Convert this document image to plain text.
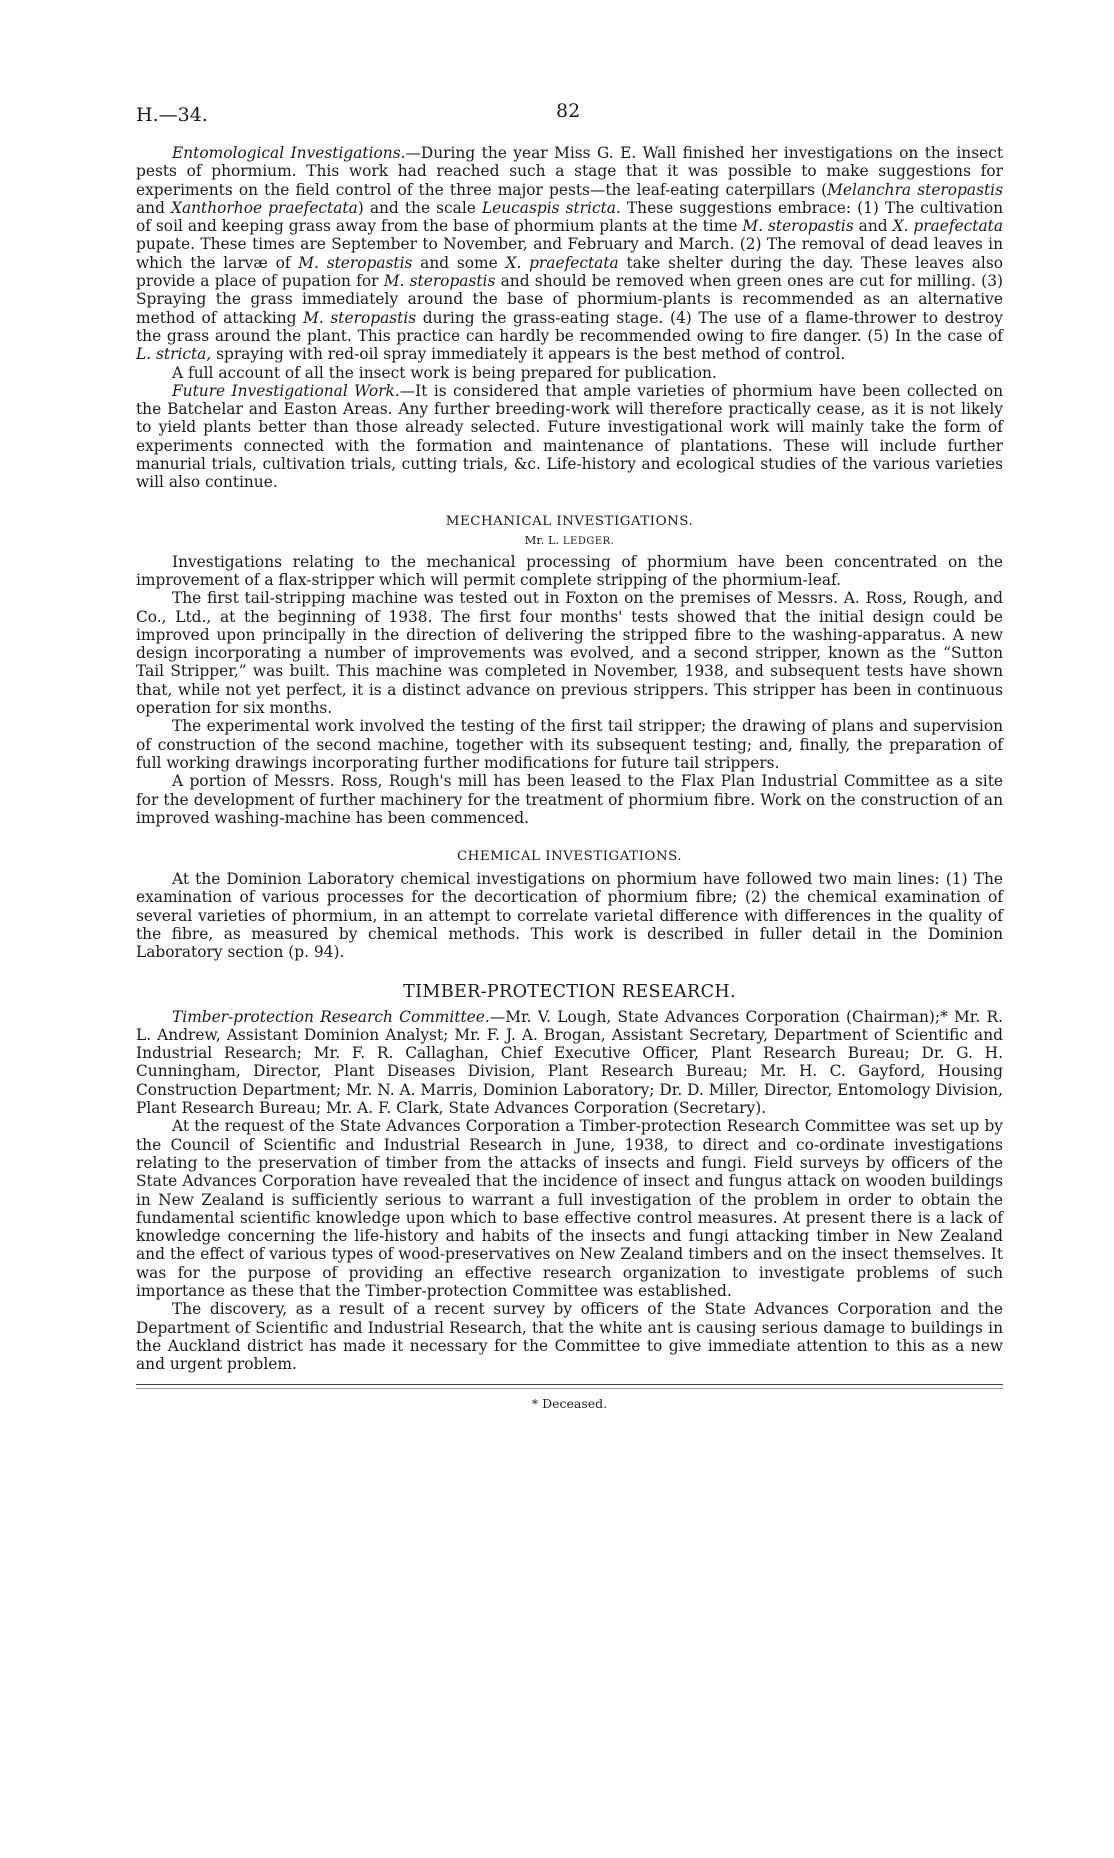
H.—34.	82

Entomological Investigations.—During the year Miss G. E. Wall finished her investigations on the insect pests of phormium. This work had reached such a stage that it was possible to make suggestions for experiments on the field control of the three major pests—the leaf-eating caterpillars (Melanchra steropastis and Xanthorhoe praefectata) and the scale Leucaspis stricta. These suggestions embrace: (1) The cultivation of soil and keeping grass away from the base of phormium plants at the time M. steropastis and X. praefectata pupate. These times are September to November, and February and March. (2) The removal of dead leaves in which the larvæ of M. steropastis and some X. praefectata take shelter during the day. These leaves also provide a place of pupation for M. steropastis and should be removed when green ones are cut for milling. (3) Spraying the grass immediately around the base of phormium-plants is recommended as an alternative method of attacking M. steropastis during the grass-eating stage. (4) The use of a flame-thrower to destroy the grass around the plant. This practice can hardly be recommended owing to fire danger. (5) In the case of L. stricta, spraying with red-oil spray immediately it appears is the best method of control.

A full account of all the insect work is being prepared for publication.

Future Investigational Work.—It is considered that ample varieties of phormium have been collected on the Batchelar and Easton Areas. Any further breeding-work will therefore practically cease, as it is not likely to yield plants better than those already selected. Future investigational work will mainly take the form of experiments connected with the formation and maintenance of plantations. These will include further manurial trials, cultivation trials, cutting trials, &c. Life-history and ecological studies of the various varieties will also continue.

MECHANICAL INVESTIGATIONS.
Mr. L. LEDGER.

Investigations relating to the mechanical processing of phormium have been concentrated on the improvement of a flax-stripper which will permit complete stripping of the phormium-leaf.

The first tail-stripping machine was tested out in Foxton on the premises of Messrs. A. Ross, Rough, and Co., Ltd., at the beginning of 1938. The first four months' tests showed that the initial design could be improved upon principally in the direction of delivering the stripped fibre to the washing-apparatus. A new design incorporating a number of improvements was evolved, and a second stripper, known as the “Sutton Tail Stripper,” was built. This machine was completed in November, 1938, and subsequent tests have shown that, while not yet perfect, it is a distinct advance on previous strippers. This stripper has been in continuous operation for six months.

The experimental work involved the testing of the first tail stripper; the drawing of plans and supervision of construction of the second machine, together with its subsequent testing; and, finally, the preparation of full working drawings incorporating further modifications for future tail strippers.

A portion of Messrs. Ross, Rough's mill has been leased to the Flax Plan Industrial Committee as a site for the development of further machinery for the treatment of phormium fibre. Work on the construction of an improved washing-machine has been commenced.

CHEMICAL INVESTIGATIONS.

At the Dominion Laboratory chemical investigations on phormium have followed two main lines: (1) The examination of various processes for the decortication of phormium fibre; (2) the chemical examination of several varieties of phormium, in an attempt to correlate varietal difference with differences in the quality of the fibre, as measured by chemical methods. This work is described in fuller detail in the Dominion Laboratory section (p. 94).

TIMBER-PROTECTION RESEARCH.

Timber-protection Research Committee.—Mr. V. Lough, State Advances Corporation (Chairman);* Mr. R. L. Andrew, Assistant Dominion Analyst; Mr. F. J. A. Brogan, Assistant Secretary, Department of Scientific and Industrial Research; Mr. F. R. Callaghan, Chief Executive Officer, Plant Research Bureau; Dr. G. H. Cunningham, Director, Plant Diseases Division, Plant Research Bureau; Mr. H. C. Gayford, Housing Construction Department; Mr. N. A. Marris, Dominion Laboratory; Dr. D. Miller, Director, Entomology Division, Plant Research Bureau; Mr. A. F. Clark, State Advances Corporation (Secretary).

At the request of the State Advances Corporation a Timber-protection Research Committee was set up by the Council of Scientific and Industrial Research in June, 1938, to direct and co-ordinate investigations relating to the preservation of timber from the attacks of insects and fungi. Field surveys by officers of the State Advances Corporation have revealed that the incidence of insect and fungus attack on wooden buildings in New Zealand is sufficiently serious to warrant a full investigation of the problem in order to obtain the fundamental scientific knowledge upon which to base effective control measures. At present there is a lack of knowledge concerning the life-history and habits of the insects and fungi attacking timber in New Zealand and the effect of various types of wood-preservatives on New Zealand timbers and on the insect themselves. It was for the purpose of providing an effective research organization to investigate problems of such importance as these that the Timber-protection Committee was established.

The discovery, as a result of a recent survey by officers of the State Advances Corporation and the Department of Scientific and Industrial Research, that the white ant is causing serious damage to buildings in the Auckland district has made it necessary for the Committee to give immediate attention to this as a new and urgent problem.

* Deceased.
